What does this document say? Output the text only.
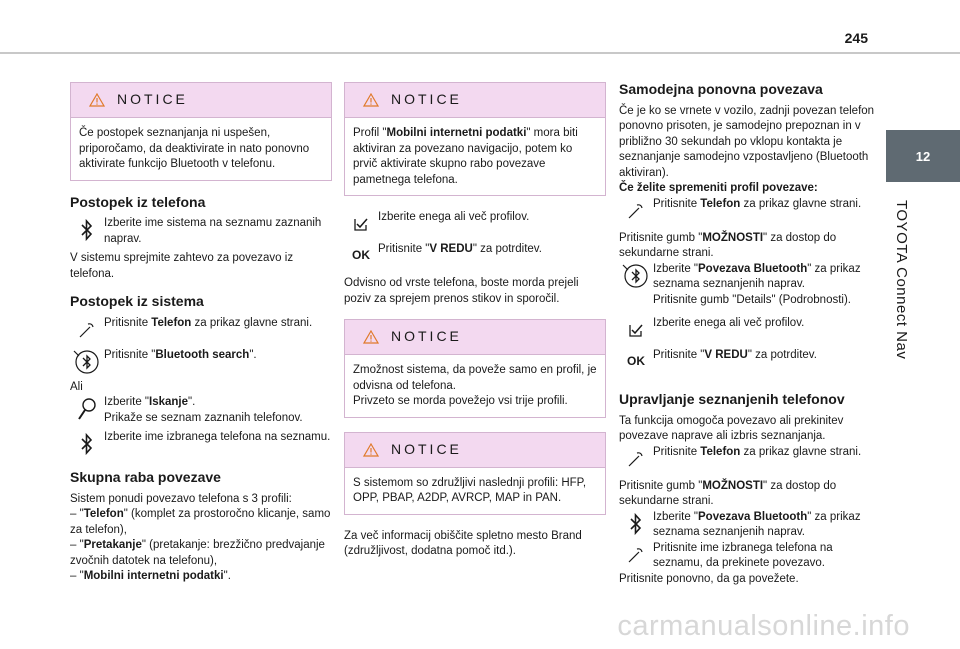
245
12
TOYOTA Connect Nav
carmanualsonline.info
NOTICE
Če postopek seznanjanja ni uspešen, priporočamo, da deaktivirate in nato ponovno aktivirate funkcijo Bluetooth v telefonu.
Postopek iz telefona
Izberite ime sistema na seznamu zaznanih naprav.

V sistemu sprejmite zahtevo za povezavo iz telefona.

Postopek iz sistema
Pritisnite Telefon za prikaz glavne strani.
Pritisnite "Bluetooth search".

Ali

Izberite "Iskanje".
Prikaže se seznam zaznanih telefonov.
Izberite ime izbranega telefona na seznamu.
Skupna raba povezave

Sistem ponudi povezavo telefona s 3 profili:

– "Telefon" (komplet za prostoročno klicanje, samo za telefon),

– "Pretakanje" (pretakanje: brezžično predvajanje zvočnih datotek na telefonu),

– "Mobilni internetni podatki".

NOTICE
Profil "Mobilni internetni podatki" mora biti aktiviran za povezano navigacijo, potem ko prvič aktivirate skupno rabo povezave pametnega telefona.
Izberite enega ali več profilov.
OK Pritisnite "V REDU" za potrditev.

Odvisno od vrste telefona, boste morda prejeli poziv za sprejem prenos stikov in sporočil.

NOTICE
Zmožnost sistema, da poveže samo en profil, je odvisna od telefona.
Privzeto se morda povežejo vsi trije profili.
NOTICE
S sistemom so združljivi naslednji profili: HFP, OPP, PBAP, A2DP, AVRCP, MAP in PAN.

Za več informacij obiščite spletno mesto Brand (združljivost, dodatna pomoč itd.).

Samodejna ponovna povezava

Če je ko se vrnete v vozilo, zadnji povezan telefon ponovno prisoten, je samodejno prepoznan in v približno 30 sekundah po vklopu kontakta je seznanjanje samodejno vzpostavljeno (Bluetooth aktiviran).

Če želite spremeniti profil povezave:

Pritisnite Telefon za prikaz glavne strani.

Pritisnite gumb "MOŽNOSTI" za dostop do sekundarne strani.

Izberite "Povezava Bluetooth" za prikaz seznama seznanjenih naprav.
Pritisnite gumb "Details" (Podrobnosti).
Izberite enega ali več profilov.
OK Pritisnite "V REDU" za potrditev.
Upravljanje seznanjenih telefonov

Ta funkcija omogoča povezavo ali prekinitev povezave naprave ali izbris seznanjanja.

Pritisnite Telefon za prikaz glavne strani.

Pritisnite gumb "MOŽNOSTI" za dostop do sekundarne strani.

Izberite "Povezava Bluetooth" za prikaz seznama seznanjenih naprav.
Pritisnite ime izbranega telefona na seznamu, da prekinete povezavo.

Pritisnite ponovno, da ga povežete.
